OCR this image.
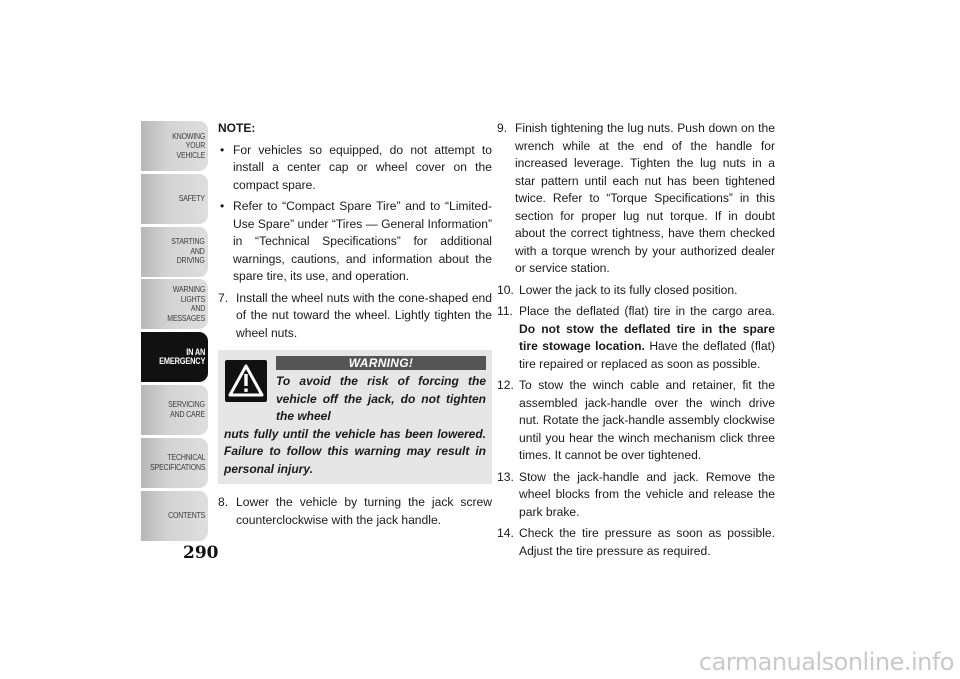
KNOWING
YOUR
VEHICLE
SAFETY
STARTING
AND
DRIVING
WARNING
LIGHTS
AND
MESSAGES
IN AN
EMERGENCY
SERVICING
AND CARE
TECHNICAL
SPECIFICATIONS
CONTENTS
290

NOTE:

• For vehicles so equipped, do not attempt to install a center cap or wheel cover on the compact spare.
• Refer to “Compact Spare Tire” and to “Limited-Use Spare” under “Tires — General Information” in “Technical Specifications” for additional warnings, cautions, and information about the spare tire, its use, and operation.
7. Install the wheel nuts with the cone-shaped end of the nut toward the wheel. Lightly tighten the wheel nuts.
WARNING!
To avoid the risk of forcing the vehicle off the jack, do not tighten the wheel
nuts fully until the vehicle has been lowered. Failure to follow this warning may result in personal injury.
8. Lower the vehicle by turning the jack screw counterclockwise with the jack handle.
9. Finish tightening the lug nuts. Push down on the wrench while at the end of the handle for increased leverage. Tighten the lug nuts in a star pattern until each nut has been tightened twice. Refer to “Torque Specifications” in this section for proper lug nut torque. If in doubt about the correct tightness, have them checked with a torque wrench by your authorized dealer or service station.
10. Lower the jack to its fully closed position.
11. Place the deflated (flat) tire in the cargo area. Do not stow the deflated tire in the spare tire stowage location. Have the deflated (flat) tire repaired or replaced as soon as possible.
12. To stow the winch cable and retainer, fit the assembled jack-handle over the winch drive nut. Rotate the jack-handle assembly clockwise until you hear the winch mechanism click three times. It cannot be over tightened.
13. Stow the jack-handle and jack. Remove the wheel blocks from the vehicle and release the park brake.
14. Check the tire pressure as soon as possible. Adjust the tire pressure as required.
carmanualsonline.info
